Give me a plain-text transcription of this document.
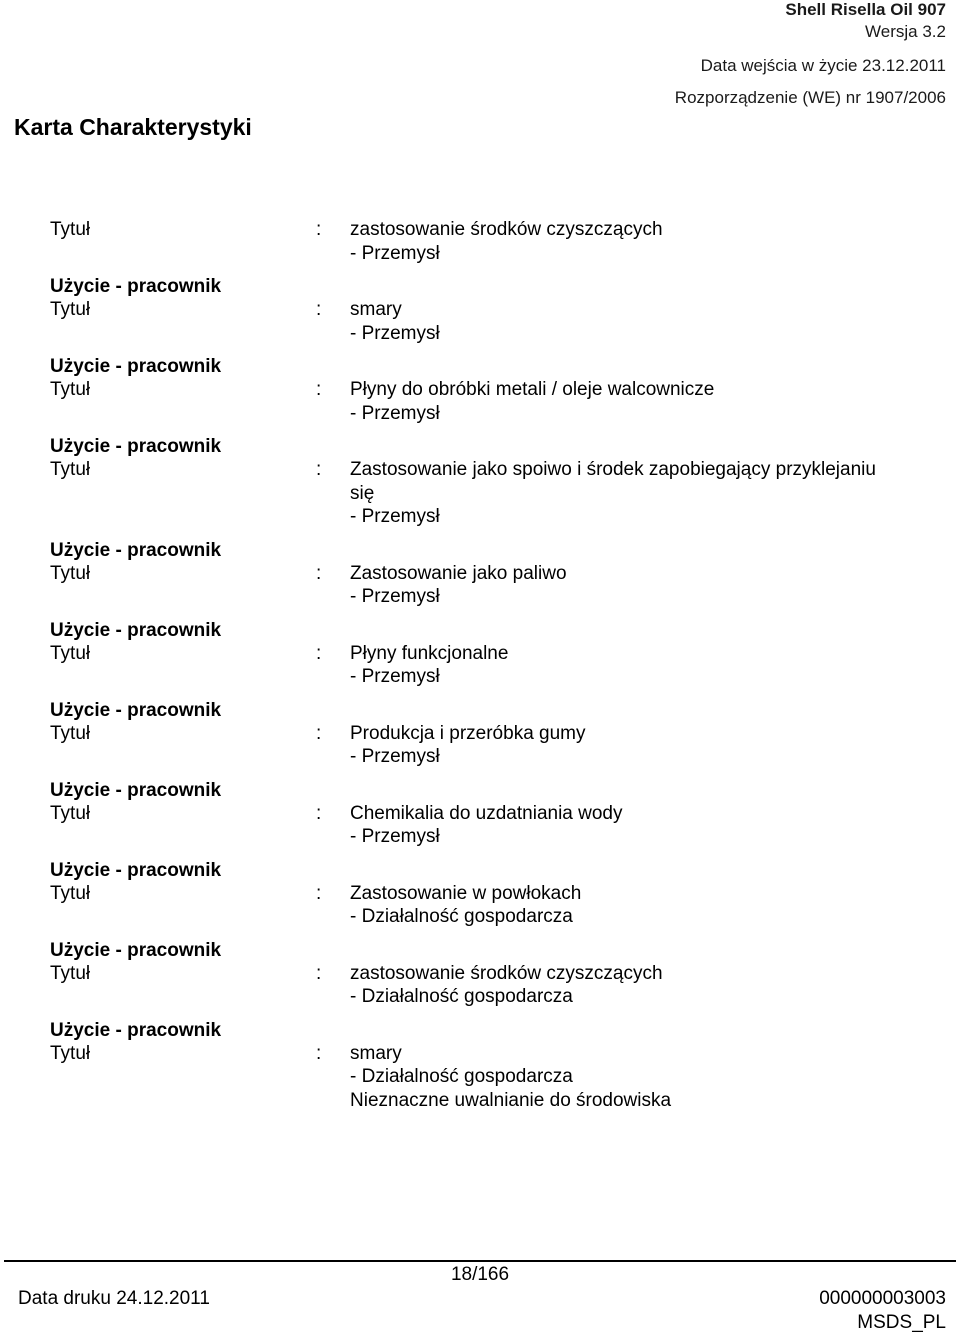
Shell Risella Oil 907
Wersja 3.2
Data wejścia w życie 23.12.2011
Rozporządzenie (WE) nr 1907/2006
Karta Charakterystyki
Tytuł	: zastosowanie środków czyszczących
- Przemysł
Użycie - pracownik
Tytuł	: smary
- Przemysł
Użycie - pracownik
Tytuł	: Płyny do obróbki metali / oleje walcownicze
- Przemysł
Użycie - pracownik
Tytuł	: Zastosowanie jako spoiwo i środek zapobiegający przyklejaniu
się
- Przemysł
Użycie - pracownik
Tytuł	: Zastosowanie jako paliwo
- Przemysł
Użycie - pracownik
Tytuł	: Płyny funkcjonalne
- Przemysł
Użycie - pracownik
Tytuł	: Produkcja i przeróbka gumy
- Przemysł
Użycie - pracownik
Tytuł	: Chemikalia do uzdatniania wody
- Przemysł
Użycie - pracownik
Tytuł	: Zastosowanie w powłokach
- Działalność gospodarcza
Użycie - pracownik
Tytuł	: zastosowanie środków czyszczących
- Działalność gospodarcza
Użycie - pracownik
Tytuł	: smary
- Działalność gospodarcza
Nieznaczne uwalnianie do środowiska
18/166
Data druku 24.12.2011	000000003003
MSDS_PL
